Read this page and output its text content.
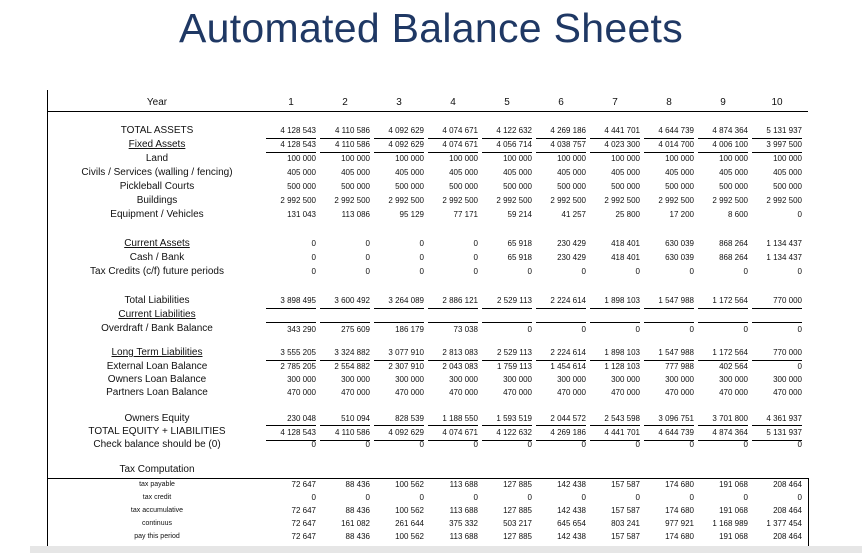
Automated Balance Sheets
Year	1	2	3	4	5	6	7	8	9	10
TOTAL ASSETS	4 128 543	4 110 586	4 092 629	4 074 671	4 122 632	4 269 186	4 441 701	4 644 739	4 874 364	5 131 937
Fixed Assets	4 128 543	4 110 586	4 092 629	4 074 671	4 056 714	4 038 757	4 023 300	4 014 700	4 006 100	3 997 500
Land	100 000	100 000	100 000	100 000	100 000	100 000	100 000	100 000	100 000	100 000
Civils / Services (walling / fencing)	405 000	405 000	405 000	405 000	405 000	405 000	405 000	405 000	405 000	405 000
Pickleball Courts	500 000	500 000	500 000	500 000	500 000	500 000	500 000	500 000	500 000	500 000
Buildings	2 992 500	2 992 500	2 992 500	2 992 500	2 992 500	2 992 500	2 992 500	2 992 500	2 992 500	2 992 500
Equipment / Vehicles	131 043	113 086	95 129	77 171	59 214	41 257	25 800	17 200	8 600	0
Current Assets	0	0	0	0	65 918	230 429	418 401	630 039	868 264	1 134 437
Cash / Bank	0	0	0	0	65 918	230 429	418 401	630 039	868 264	1 134 437
Tax Credits (c/f) future periods	0	0	0	0	0	0	0	0	0	0
Total Liabilities	3 898 495	3 600 492	3 264 089	2 886 121	2 529 113	2 224 614	1 898 103	1 547 988	1 172 564	770 000
Current Liabilities
Overdraft / Bank Balance	343 290	275 609	186 179	73 038	0	0	0	0	0	0
Long Term Liabilities	3 555 205	3 324 882	3 077 910	2 813 083	2 529 113	2 224 614	1 898 103	1 547 988	1 172 564	770 000
External Loan Balance	2 785 205	2 554 882	2 307 910	2 043 083	1 759 113	1 454 614	1 128 103	777 988	402 564	0
Owners Loan Balance	300 000	300 000	300 000	300 000	300 000	300 000	300 000	300 000	300 000	300 000
Partners Loan Balance	470 000	470 000	470 000	470 000	470 000	470 000	470 000	470 000	470 000	470 000
Owners Equity	230 048	510 094	828 539	1 188 550	1 593 519	2 044 572	2 543 598	3 096 751	3 701 800	4 361 937
TOTAL EQUITY + LIABILITIES	4 128 543	4 110 586	4 092 629	4 074 671	4 122 632	4 269 186	4 441 701	4 644 739	4 874 364	5 131 937
Check balance should be (0)	0	0	0	0	0	0	0	0	0	0
Tax Computation
tax payable	72 647	88 436	100 562	113 688	127 885	142 438	157 587	174 680	191 068	208 464
tax credit	0	0	0	0	0	0	0	0	0	0
tax accumulative	72 647	88 436	100 562	113 688	127 885	142 438	157 587	174 680	191 068	208 464
continuus	72 647	161 082	261 644	375 332	503 217	645 654	803 241	977 921	1 168 989	1 377 454
pay this period	72 647	88 436	100 562	113 688	127 885	142 438	157 587	174 680	191 068	208 464
